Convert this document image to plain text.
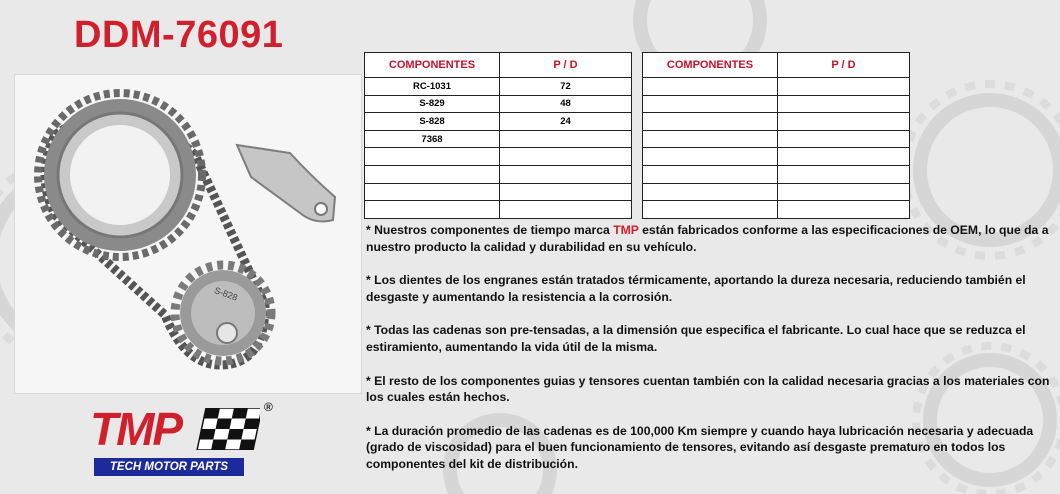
DDM-76091
S-828
COMPONENTES	P / D
RC-1031	72
S-829	48
S-828	24
7368	

COMPONENTES	P / D

* Nuestros componentes de tiempo marca TMP están fabricados conforme a las especificaciones de OEM, lo que da a nuestro producto la calidad y durabilidad en su vehículo.

* Los dientes de los engranes están tratados térmicamente, aportando la dureza necesaria, reduciendo también el desgaste y aumentando la resistencia a la corrosión.

* Todas las cadenas son pre-tensadas, a la dimensión que especifica el fabricante. Lo cual hace que se reduzca el estiramiento, aumentando la vida útil de la misma.

* El resto de los componentes guias y tensores cuentan también con la calidad necesaria gracias a los materiales con los cuales están hechos.

* La duración promedio de las cadenas es de 100,000 Km siempre y cuando haya lubricación necesaria y adecuada (grado de viscosidad) para el buen funcionamiento de tensores, evitando así desgaste prematuro en todos los componentes del kit de distribución.

TMP	®
TECH MOTOR PARTS
